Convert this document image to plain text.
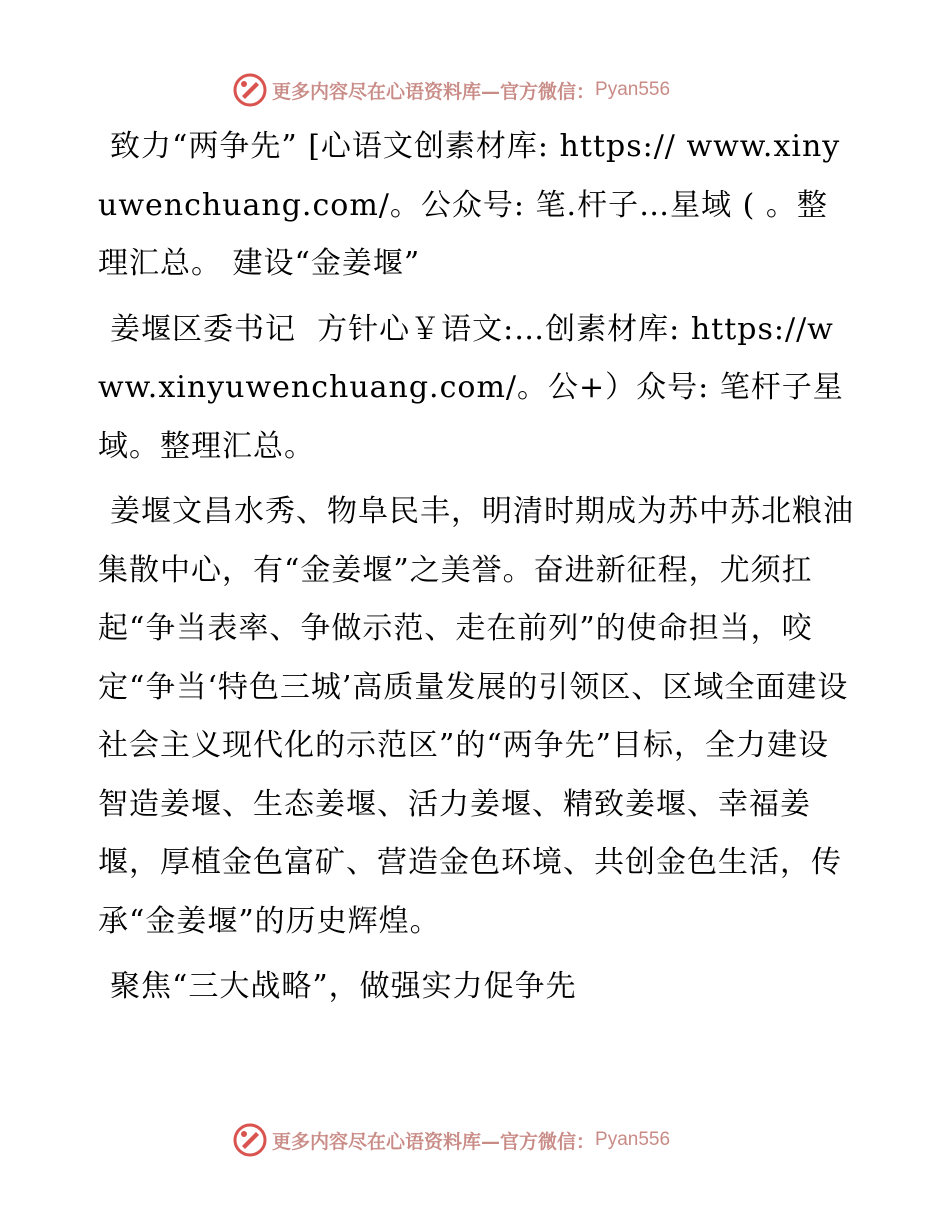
更多内容尽在心语资料库—官方微信： Pyan556

致力“两争先” [心语文创素材库: https:// www.xinyuwenchuang.com/。公众号: 笔.杆子…星域 ( 。整理汇总。 建设“金姜堰”

姜堰区委书记  方针心￥语文:…创素材库: https://www.xinyuwenchuang.com/。公+）众号: 笔杆子星域。整理汇总。

姜堰文昌水秀、物阜民丰，明清时期成为苏中苏北粮油集散中心，有“金姜堰”之美誉。奋进新征程，尤须扛起“争当表率、争做示范、走在前列”的使命担当，咬定“争当‘特色三城’高质量发展的引领区、区域全面建设社会主义现代化的示范区”的“两争先”目标，全力建设智造姜堰、生态姜堰、活力姜堰、精致姜堰、幸福姜堰，厚植金色富矿、营造金色环境、共创金色生活，传承“金姜堰”的历史辉煌。

聚焦“三大战略”，做强实力促争先

更多内容尽在心语资料库—官方微信： Pyan556
